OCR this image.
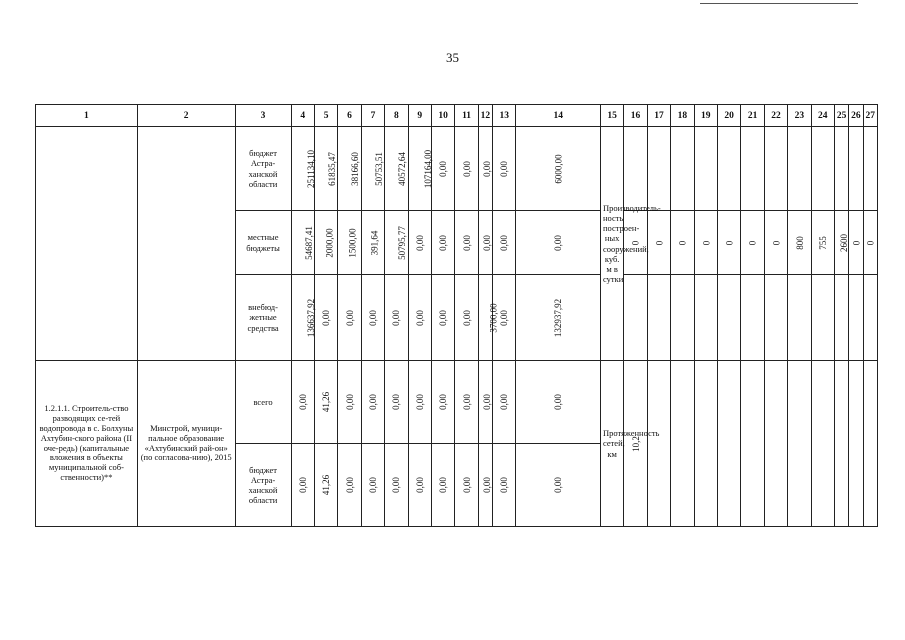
35
1	2	3	4	5	6	7	8	9	10	11	12	13	14	15	16	17	18	19	20	21	22	23	24	25	26	27
		бюджет Астра-ханской области	251134,10	61835,47	38166,60	50753,51	40572,64	107164,00	0,00	0,00	0,00	0,00	6000,00	Производитель-ность построен-ных сооружений, куб. м в сутки												
		местные бюджеты	54687,41	2000,00	1500,00	391,64	50795,77	0,00	0,00	0,00	0,00	0,00	0,00		0	0	0	0	0	0	0	800	755	2600	0	0
		внебюд-жетные средства	136637,92	0,00	0,00	0,00	0,00	0,00	0,00	0,00	3700,00	0,00	132937,92													
1.2.1.1. Строитель-ство разводящих се-тей водопровода в с. Болхуны Ахтубин-ского района (II оче-редь) (капитальные вложения в объекты муниципальной соб-ственности)**	Минстрой, муници-пальное образование «Ахтубинский рай-он» (по согласова-нию), 2015	всего	0,00	41,26	0,00	0,00	0,00	0,00	0,00	0,00	0,00	0,00	0,00	Протяженность сетей, км	10,2											
		бюджет Астра-ханской области	0,00	41,26	0,00	0,00	0,00	0,00	0,00	0,00	0,00	0,00	0,00													
